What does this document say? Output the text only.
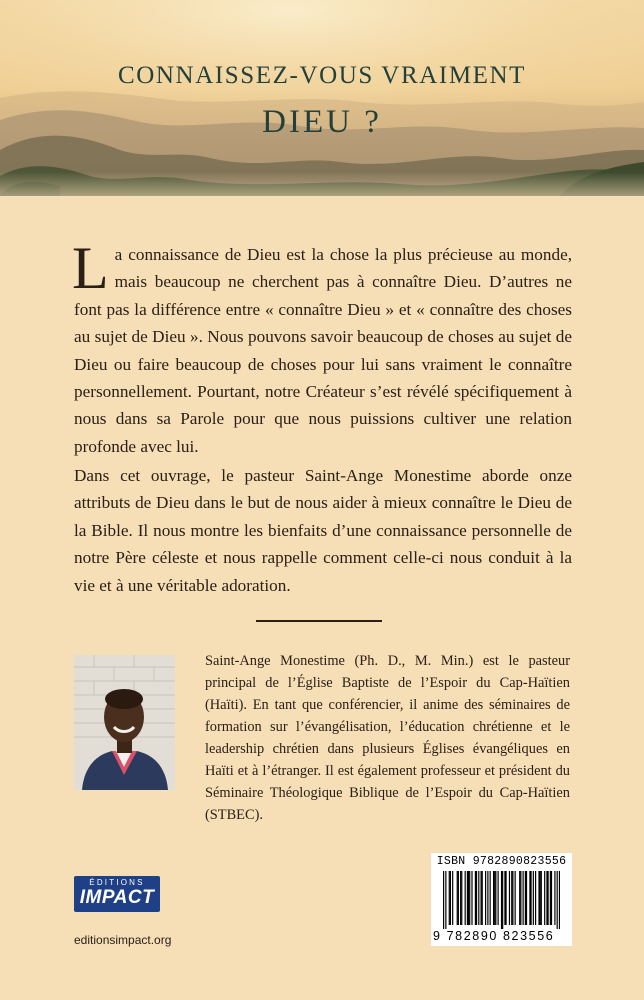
CONNAISSEZ-VOUS VRAIMENT
DIEU ?

La connaissance de Dieu est la chose la plus précieuse au monde, mais beaucoup ne cherchent pas à connaître Dieu. D’autres ne font pas la différence entre « connaître Dieu » et « connaître des choses au sujet de Dieu ». Nous pouvons savoir beaucoup de choses au sujet de Dieu ou faire beaucoup de choses pour lui sans vraiment le connaître personnellement. Pourtant, notre Créateur s’est révélé spécifiquement à nous dans sa Parole pour que nous puissions cultiver une relation profonde avec lui.

Dans cet ouvrage, le pasteur Saint-Ange Monestime aborde onze attributs de Dieu dans le but de nous aider à mieux connaître le Dieu de la Bible. Il nous montre les bienfaits d’une connaissance personnelle de notre Père céleste et nous rappelle comment celle-ci nous conduit à la vie et à une véritable adoration.

Saint-Ange Monestime (Ph. D., M. Min.) est le pasteur principal de l’Église Baptiste de l’Espoir du Cap-Haïtien (Haïti). En tant que conférencier, il anime des séminaires de formation sur l’évangélisation, l’éducation chrétienne et le leadership chrétien dans plusieurs Églises évangéliques en Haïti et à l’étranger. Il est également professeur et président du Séminaire Théologique Biblique de l’Espoir du Cap-Haïtien (STBEC).

ÉDITIONS
IMPACT
editionsimpact.org
ISBN 9782890823556
9 782890 823556
